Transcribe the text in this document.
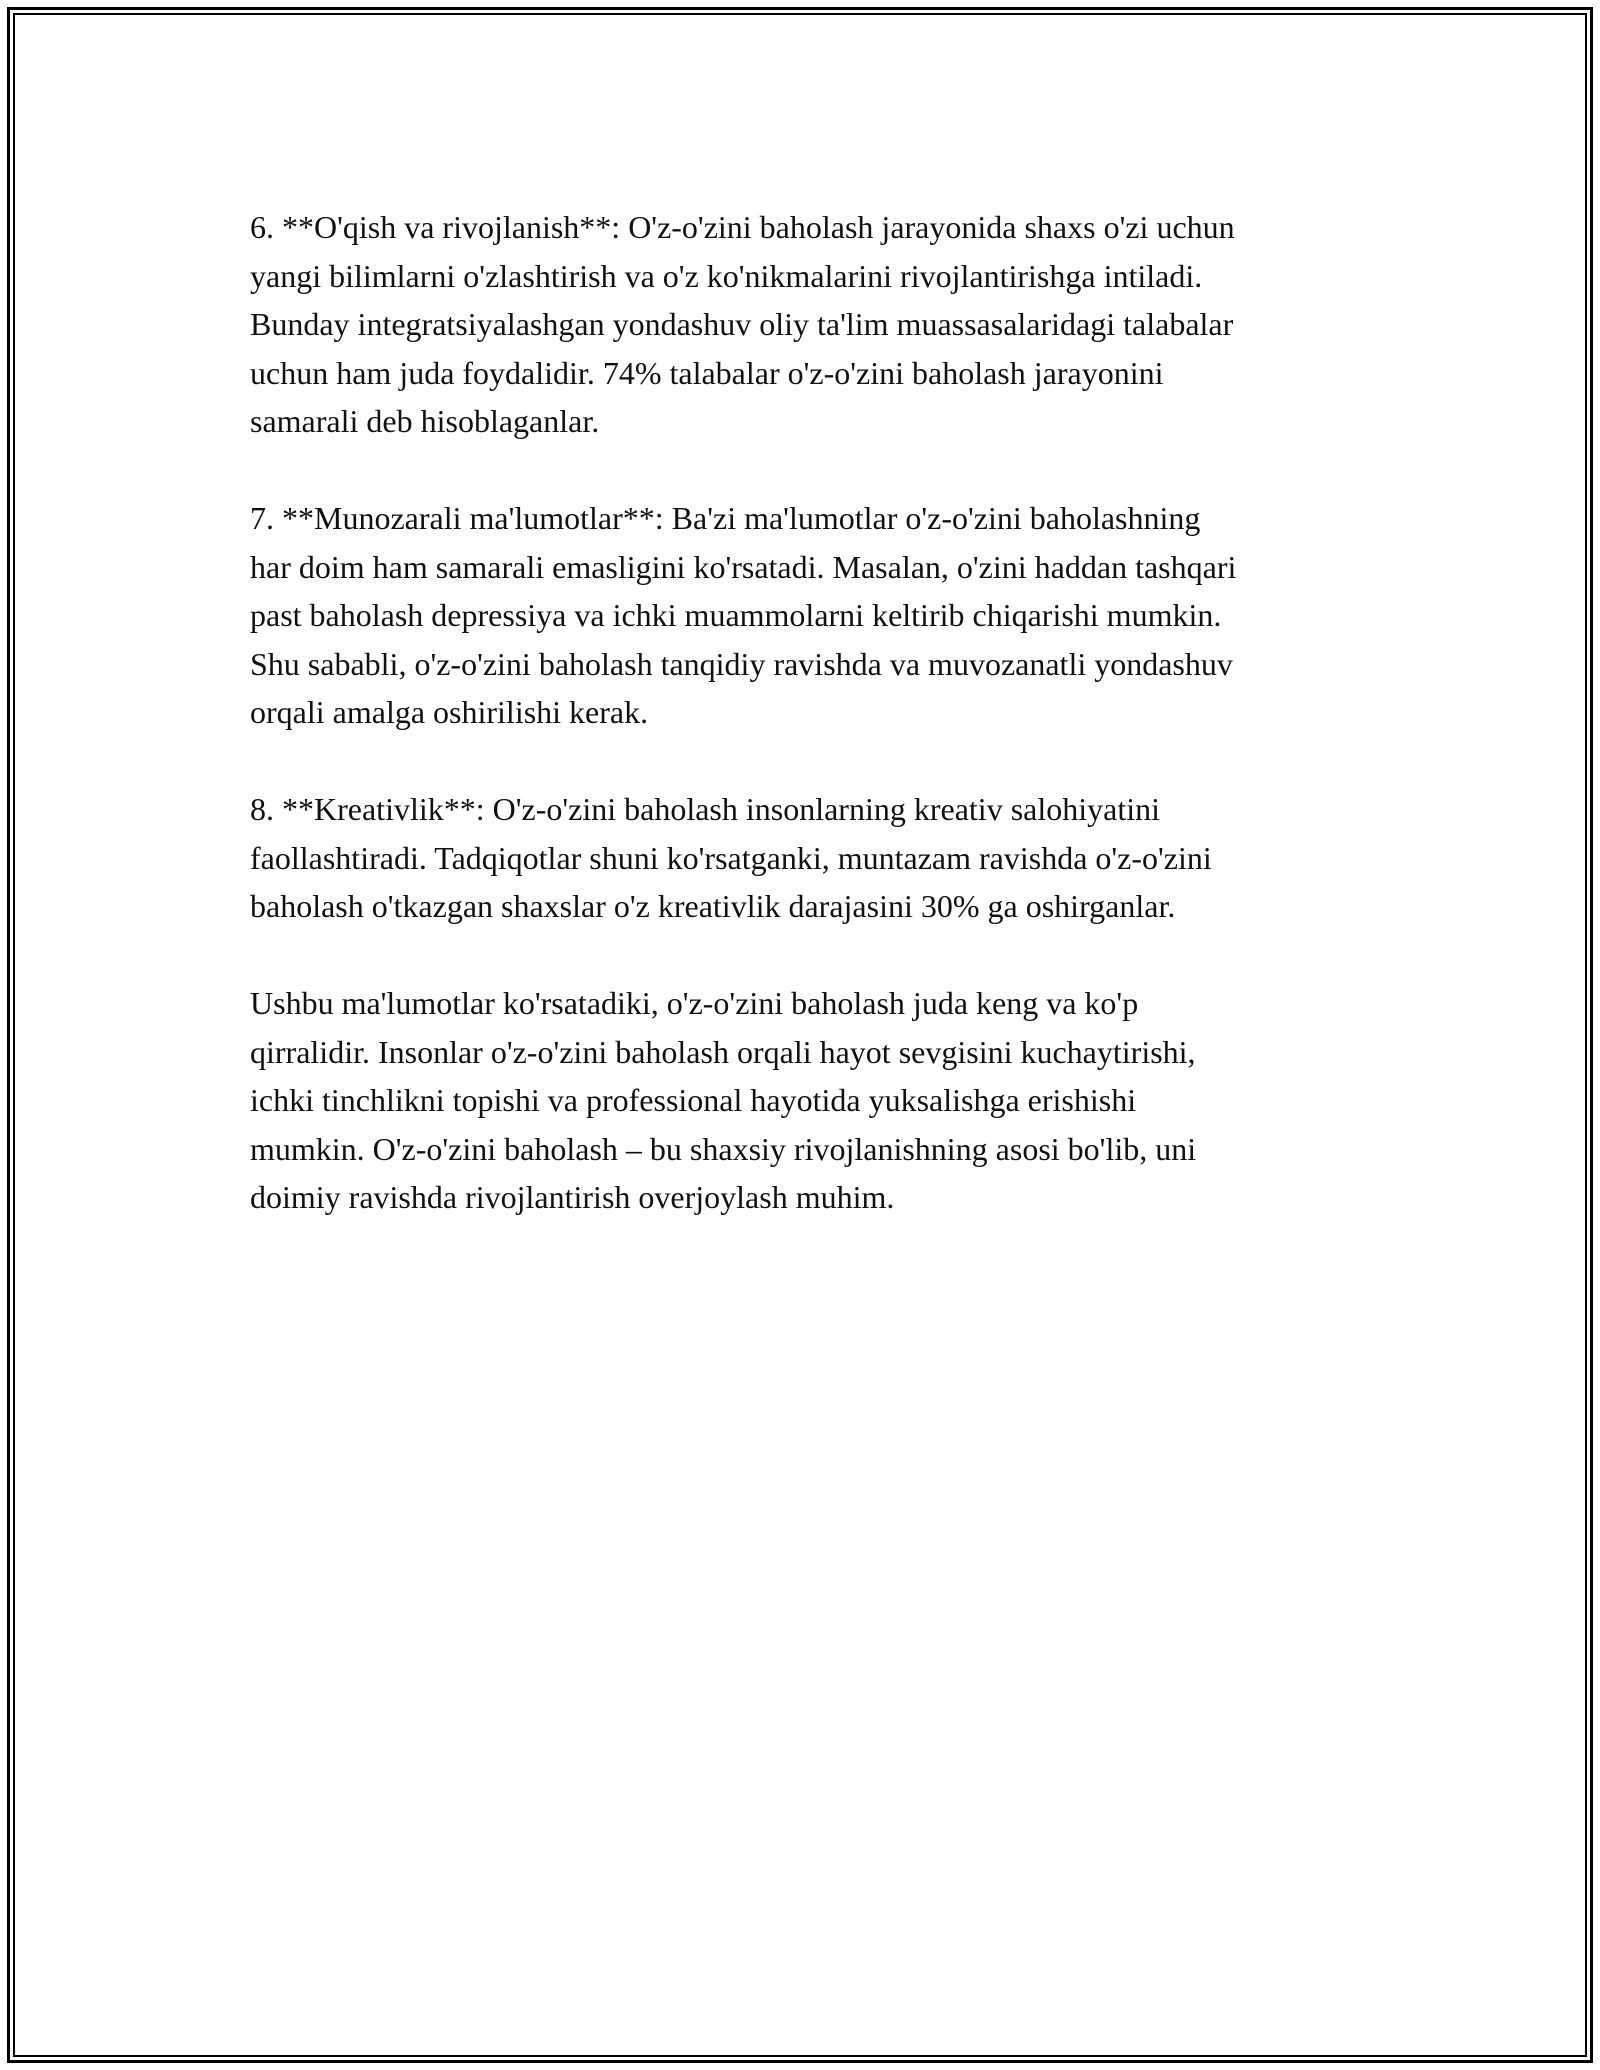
6. **O'qish va rivojlanish**: O'z-o'zini baholash jarayonida shaxs o'zi uchun
yangi bilimlarni o'zlashtirish va o'z ko'nikmalarini rivojlantirishga intiladi.
Bunday integratsiyalashgan yondashuv oliy ta'lim muassasalaridagi talabalar
uchun ham juda foydalidir. 74% talabalar o'z-o'zini baholash jarayonini
samarali deb hisoblaganlar.

7. **Munozarali ma'lumotlar**: Ba'zi ma'lumotlar o'z-o'zini baholashning
har doim ham samarali emasligini ko'rsatadi. Masalan, o'zini haddan tashqari
past baholash depressiya va ichki muammolarni keltirib chiqarishi mumkin.
Shu sababli, o'z-o'zini baholash tanqidiy ravishda va muvozanatli yondashuv
orqali amalga oshirilishi kerak.

8. **Kreativlik**: O'z-o'zini baholash insonlarning kreativ salohiyatini
faollashtiradi. Tadqiqotlar shuni ko'rsatganki, muntazam ravishda o'z-o'zini
baholash o'tkazgan shaxslar o'z kreativlik darajasini 30% ga oshirganlar.

Ushbu ma'lumotlar ko'rsatadiki, o'z-o'zini baholash juda keng va ko'p
qirralidir. Insonlar o'z-o'zini baholash orqali hayot sevgisini kuchaytirishi,
ichki tinchlikni topishi va professional hayotida yuksalishga erishishi
mumkin. O'z-o'zini baholash – bu shaxsiy rivojlanishning asosi bo'lib, uni
doimiy ravishda rivojlantirish overjoylash muhim.
